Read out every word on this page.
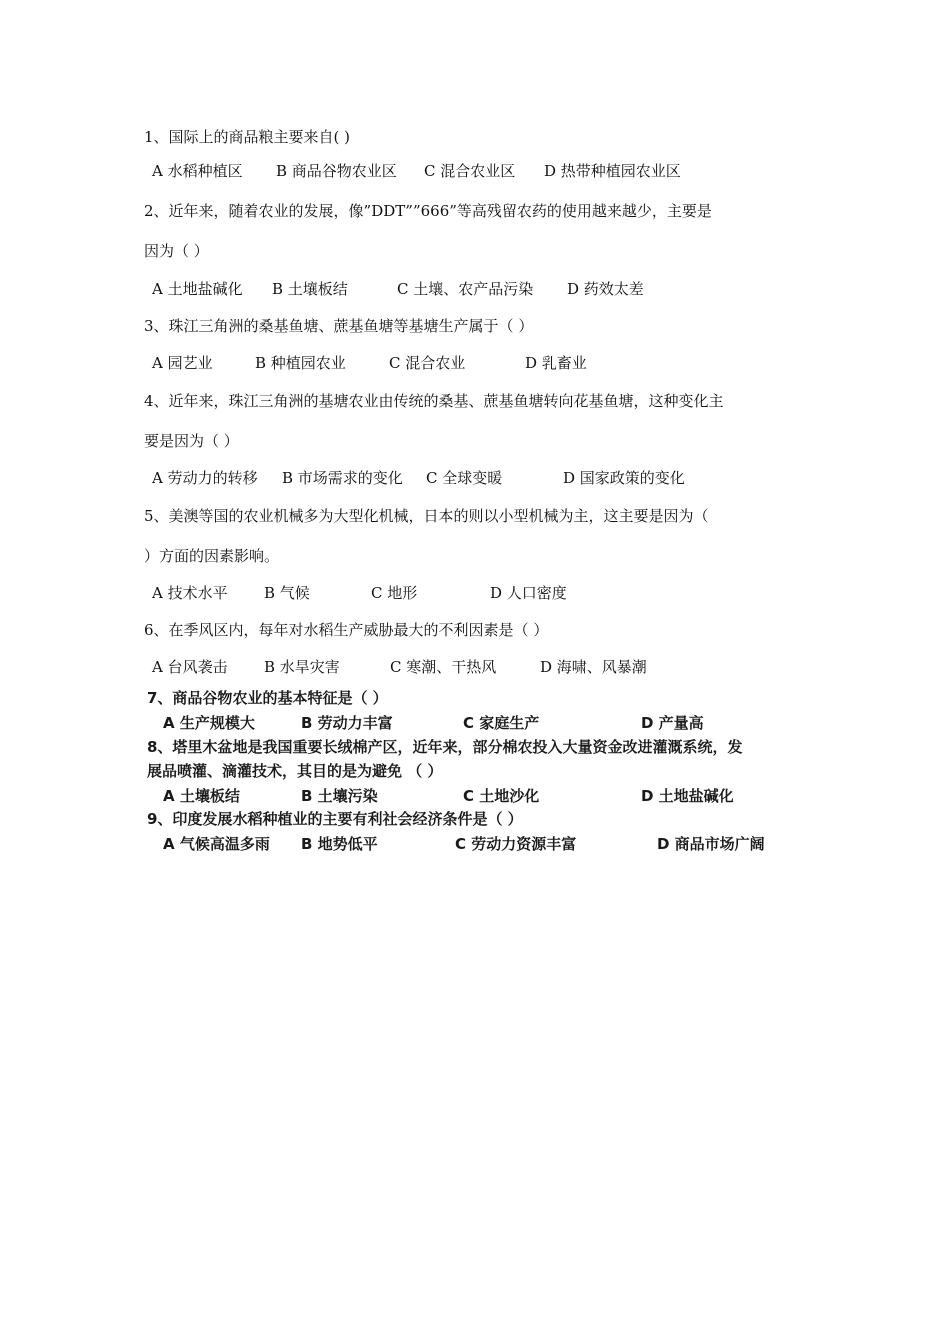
1、国际上的商品粮主要来自( )
A 水稻种植区 B 商品谷物农业区 C 混合农业区 D 热带种植园农业区
2、近年来，随着农业的发展，像”DDT””666”等高残留农药的使用越来越少，主要是
因为（ ）
A 土地盐碱化 B 土壤板结	C 土壤、农产品污染 D 药效太差
3、珠江三角洲的桑基鱼塘、蔗基鱼塘等基塘生产属于（ ）
A 园艺业	B 种植园农业	C 混合农业	D 乳畜业
4、近年来，珠江三角洲的基塘农业由传统的桑基、蔗基鱼塘转向花基鱼塘，这种变化主
要是因为（ ）
A 劳动力的转移 B 市场需求的变化 C 全球变暖	D 国家政策的变化
5、美澳等国的农业机械多为大型化机械，日本的则以小型机械为主，这主要是因为（
）方面的因素影响。
A 技术水平 B 气候	C 地形	D 人口密度
6、在季风区内，每年对水稻生产威胁最大的不利因素是（ ）
A 台风袭击 B 水旱灾害	C 寒潮、干热风	D 海啸、风暴潮
7、商品谷物农业的基本特征是（ ）
A 生产规模大	B 劳动力丰富	C 家庭生产	D 产量高
8、塔里木盆地是我国重要长绒棉产区，近年来，部分棉农投入大量资金改进灌溉系统，发
展品喷灌、滴灌技术，其目的是为避免 （ ）
A 土壤板结	B 土壤污染	C 土地沙化	D 土地盐碱化
9、印度发展水稻种植业的主要有利社会经济条件是（ ）
A 气候高温多雨 B 地势低平	C 劳动力资源丰富	D 商品市场广阔
